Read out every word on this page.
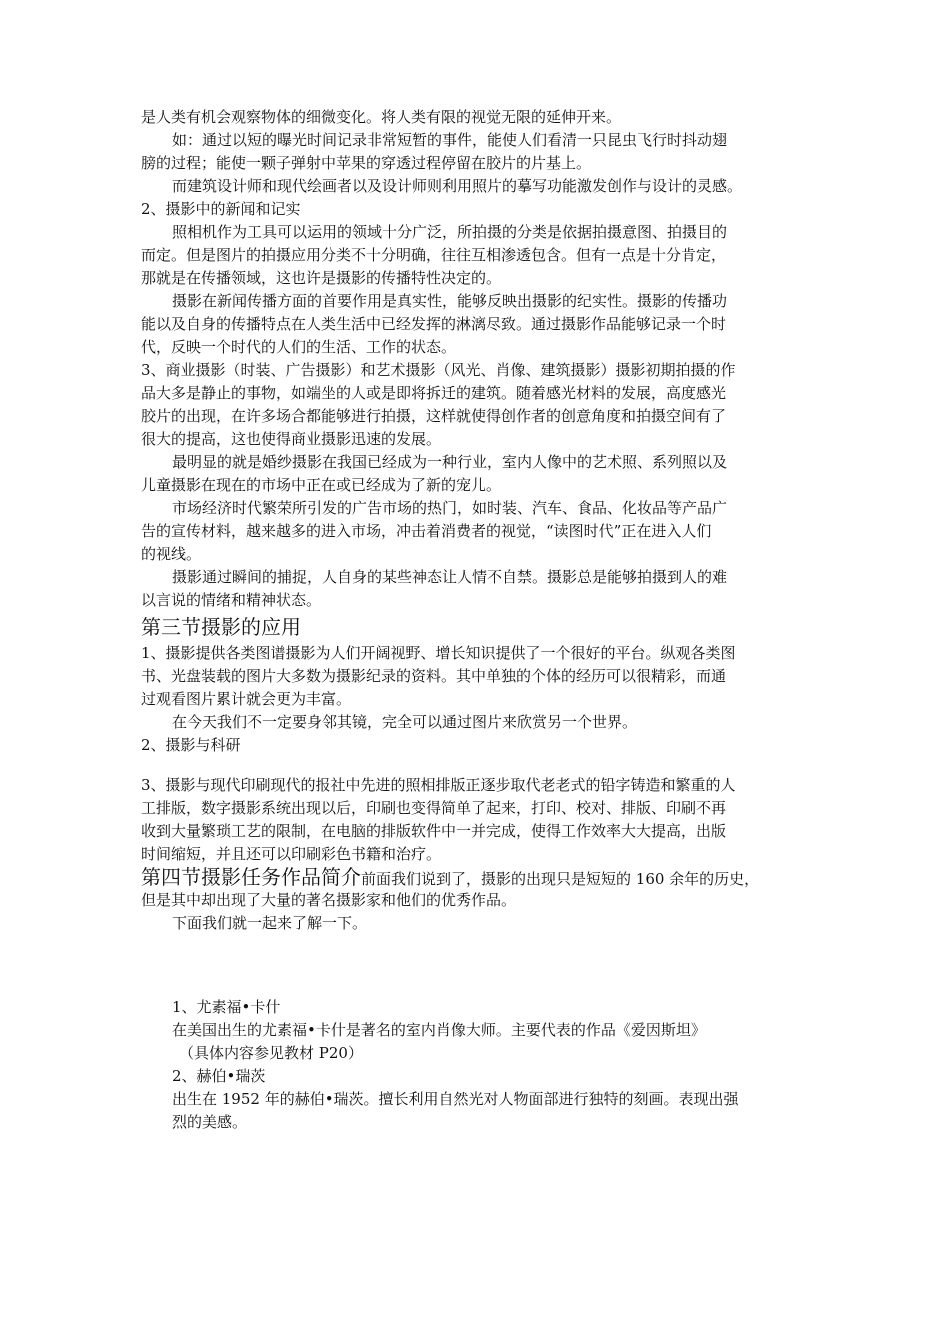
是人类有机会观察物体的细微变化。将人类有限的视觉无限的延伸开来。
如：通过以短的曝光时间记录非常短暂的事件，能使人们看清一只昆虫飞行时抖动翅
膀的过程；能使一颗子弹射中苹果的穿透过程停留在胶片的片基上。
而建筑设计师和现代绘画者以及设计师则利用照片的摹写功能激发创作与设计的灵感。
2、摄影中的新闻和记实
照相机作为工具可以运用的领域十分广泛，所拍摄的分类是依据拍摄意图、拍摄目的
而定。但是图片的拍摄应用分类不十分明确，往往互相渗透包含。但有一点是十分肯定，
那就是在传播领域，这也许是摄影的传播特性决定的。
摄影在新闻传播方面的首要作用是真实性，能够反映出摄影的纪实性。摄影的传播功
能以及自身的传播特点在人类生活中已经发挥的淋漓尽致。通过摄影作品能够记录一个时
代，反映一个时代的人们的生活、工作的状态。
3、商业摄影（时装、广告摄影）和艺术摄影（风光、肖像、建筑摄影）摄影初期拍摄的作
品大多是静止的事物，如端坐的人或是即将拆迁的建筑。随着感光材料的发展，高度感光
胶片的出现，在许多场合都能够进行拍摄，这样就使得创作者的创意角度和拍摄空间有了
很大的提高，这也使得商业摄影迅速的发展。
最明显的就是婚纱摄影在我国已经成为一种行业，室内人像中的艺术照、系列照以及
儿童摄影在现在的市场中正在或已经成为了新的宠儿。
市场经济时代繁荣所引发的广告市场的热门，如时装、汽车、食品、化妆品等产品广
告的宣传材料，越来越多的进入市场，冲击着消费者的视觉，“读图时代”正在进入人们
的视线。
摄影通过瞬间的捕捉，人自身的某些神态让人情不自禁。摄影总是能够拍摄到人的难
以言说的情绪和精神状态。
第三节摄影的应用
1、摄影提供各类图谱摄影为人们开阔视野、增长知识提供了一个很好的平台。纵观各类图
书、光盘装载的图片大多数为摄影纪录的资料。其中单独的个体的经历可以很精彩，而通
过观看图片累计就会更为丰富。
在今天我们不一定要身邻其镜，完全可以通过图片来欣赏另一个世界。
2、摄影与科研
3、摄影与现代印刷现代的报社中先进的照相排版正逐步取代老老式的铅字铸造和繁重的人
工排版，数字摄影系统出现以后，印刷也变得简单了起来，打印、校对、排版、印刷不再
收到大量繁琐工艺的限制，在电脑的排版软件中一并完成，使得工作效率大大提高，出版
时间缩短，并且还可以印刷彩色书籍和治疗。
第四节摄影任务作品简介前面我们说到了，摄影的出现只是短短的 160 余年的历史，
但是其中却出现了大量的著名摄影家和他们的优秀作品。
下面我们就一起来了解一下。
1、尤素福•卡什
在美国出生的尤素福•卡什是著名的室内肖像大师。主要代表的作品《爱因斯坦》
（具体内容参见教材 P20）
2、赫伯•瑞茨
出生在 1952 年的赫伯•瑞茨。擅长利用自然光对人物面部进行独特的刻画。表现出强
烈的美感。
